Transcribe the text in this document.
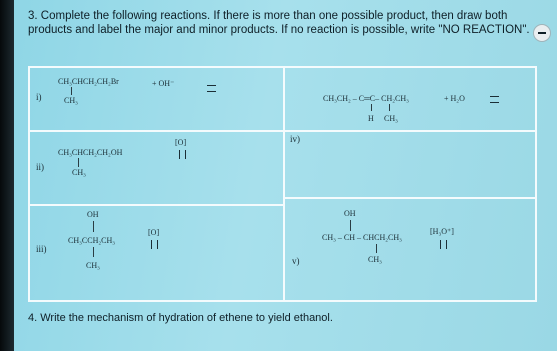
3. Complete the following reactions. If there is more than one possible product, then draw both products and label the major and minor products. If no reaction is possible, write "NO REACTION".

i)
CH₃CHCH₂CH₂Br	+ OH⁻
CH₃
ii)
CH₃CHCH₂CH₂OH
CH₃
[O]
iii)
OH
CH₃CCH₂CH₃
CH₃
[O]
iv)
CH₃CH₂ – C═C– CH₂CH₃	+ H₂O
H CH₃
v)
OH
CH₃ – CH – CHCH₂CH₃
CH₃
[H₃O⁺]

4. Write the mechanism of hydration of ethene to yield ethanol.
